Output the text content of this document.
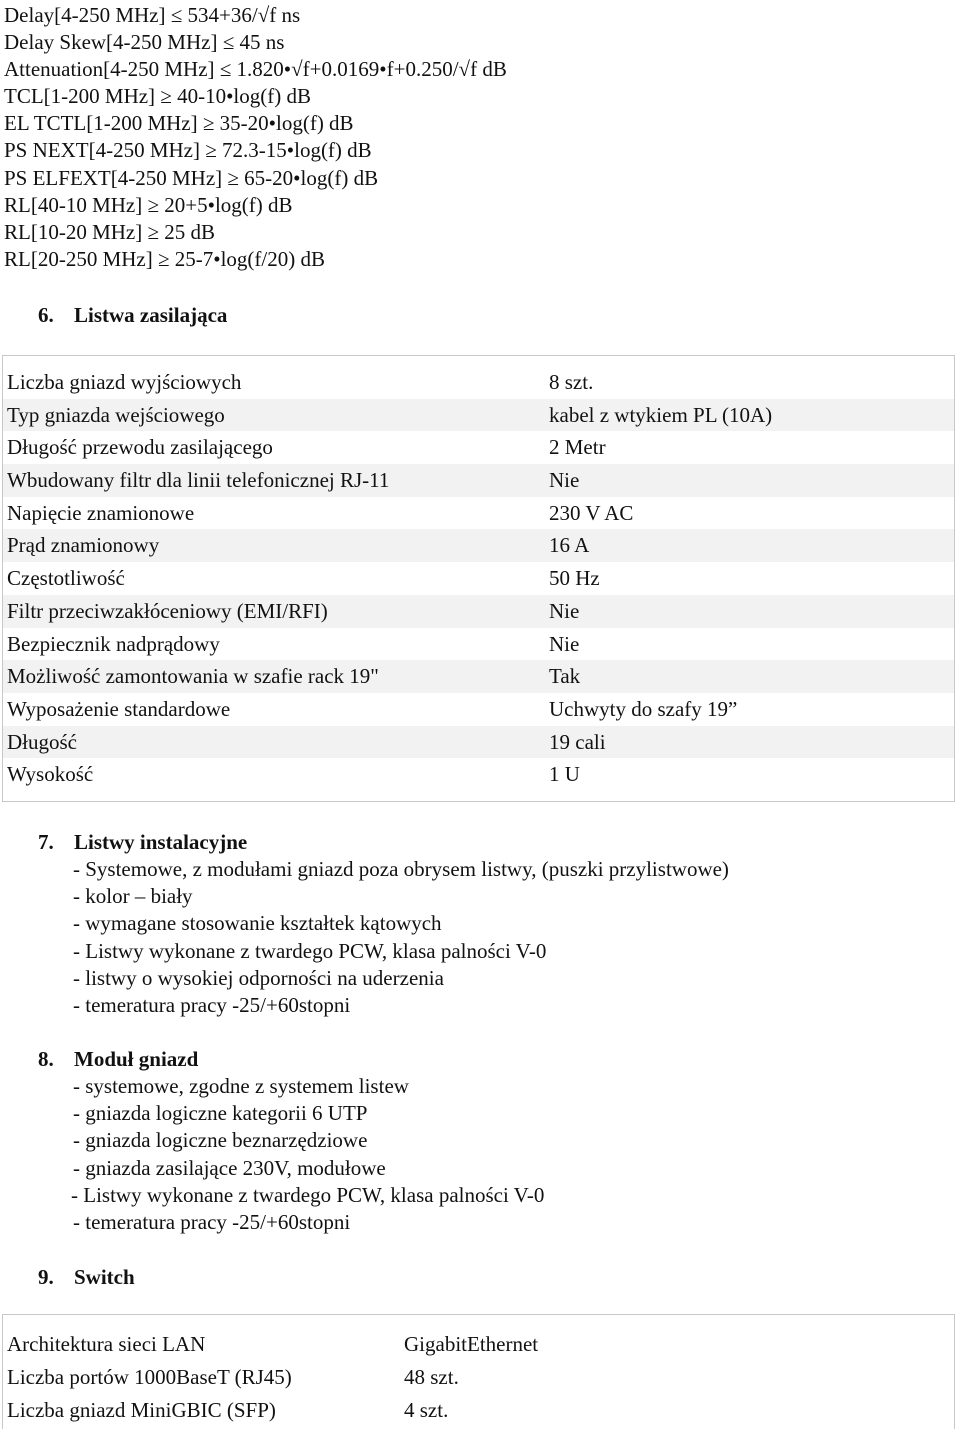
Delay[4-250 MHz] ≤ 534+36/√f ns
Delay Skew[4-250 MHz] ≤ 45 ns
Attenuation[4-250 MHz] ≤ 1.820•√f+0.0169•f+0.250/√f dB
TCL[1-200 MHz] ≥ 40-10•log(f) dB
EL TCTL[1-200 MHz] ≥ 35-20•log(f) dB
PS NEXT[4-250 MHz] ≥ 72.3-15•log(f) dB
PS ELFEXT[4-250 MHz] ≥ 65-20•log(f) dB
RL[40-10 MHz] ≥ 20+5•log(f) dB
RL[10-20 MHz] ≥ 25 dB
RL[20-250 MHz] ≥ 25-7•log(f/20) dB
6. Listwa zasilająca
Liczba gniazd wyjściowych	8 szt.
Typ gniazda wejściowego	kabel z wtykiem PL (10A)
Długość przewodu zasilającego	2 Metr
Wbudowany filtr dla linii telefonicznej RJ-11	Nie
Napięcie znamionowe	230 V AC
Prąd znamionowy	16 A
Częstotliwość	50 Hz
Filtr przeciwzakłóceniowy (EMI/RFI)	Nie
Bezpiecznik nadprądowy	Nie
Możliwość zamontowania w szafie rack 19"	Tak
Wyposażenie standardowe	Uchwyty do szafy 19”
Długość	19 cali
Wysokość	1 U
7. Listwy instalacyjne
- Systemowe, z modułami gniazd poza obrysem listwy, (puszki przylistwowe)
- kolor – biały
- wymagane stosowanie kształtek kątowych
- Listwy wykonane z twardego PCW, klasa palności V-0
- listwy o wysokiej odporności na uderzenia
- temeratura pracy -25/+60stopni
8. Moduł gniazd
- systemowe, zgodne z systemem listew
- gniazda logiczne kategorii 6 UTP
- gniazda logiczne beznarzędziowe
- gniazda zasilające 230V, modułowe
- Listwy wykonane z twardego PCW, klasa palności V-0
- temeratura pracy -25/+60stopni
9. Switch
Architektura sieci LAN	GigabitEthernet
Liczba portów 1000BaseT (RJ45)	48 szt.
Liczba gniazd MiniGBIC (SFP)	4 szt.
